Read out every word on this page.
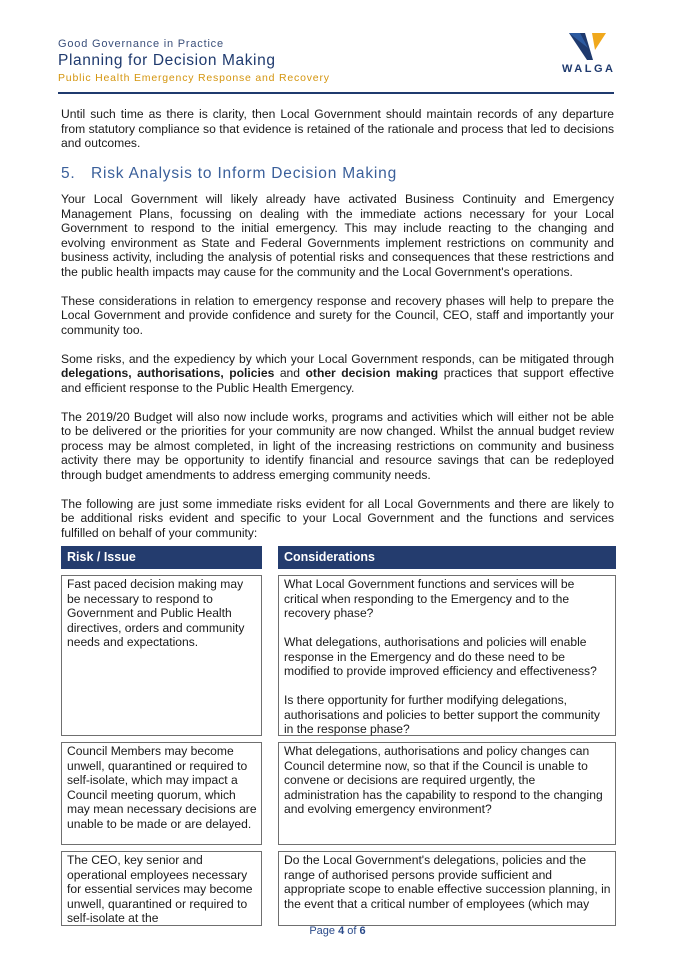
Good Governance in Practice
Planning for Decision Making
Public Health Emergency Response and Recovery
WALGA

Until such time as there is clarity, then Local Government should maintain records of any departure from statutory compliance so that evidence is retained of the rationale and process that led to decisions and outcomes.

5. Risk Analysis to Inform Decision Making

Your Local Government will likely already have activated Business Continuity and Emergency Management Plans, focussing on dealing with the immediate actions necessary for your Local Government to respond to the initial emergency. This may include reacting to the changing and evolving environment as State and Federal Governments implement restrictions on community and business activity, including the analysis of potential risks and consequences that these restrictions and the public health impacts may cause for the community and the Local Government's operations.

These considerations in relation to emergency response and recovery phases will help to prepare the Local Government and provide confidence and surety for the Council, CEO, staff and importantly your community too.

Some risks, and the expediency by which your Local Government responds, can be mitigated through delegations, authorisations, policies and other decision making practices that support effective and efficient response to the Public Health Emergency.

The 2019/20 Budget will also now include works, programs and activities which will either not be able to be delivered or the priorities for your community are now changed. Whilst the annual budget review process may be almost completed, in light of the increasing restrictions on community and business activity there may be opportunity to identify financial and resource savings that can be redeployed through budget amendments to address emerging community needs.

The following are just some immediate risks evident for all Local Governments and there are likely to be additional risks evident and specific to your Local Government and the functions and services fulfilled on behalf of your community:

Risk / Issue	Considerations

Fast paced decision making may be necessary to respond to Government and Public Health directives, orders and community needs and expectations.

What Local Government functions and services will be critical when responding to the Emergency and to the recovery phase?

What delegations, authorisations and policies will enable response in the Emergency and do these need to be modified to provide improved efficiency and effectiveness?

Is there opportunity for further modifying delegations, authorisations and policies to better support the community in the response phase?

Council Members may become unwell, quarantined or required to self-isolate, which may impact a Council meeting quorum, which may mean necessary decisions are unable to be made or are delayed.

What delegations, authorisations and policy changes can Council determine now, so that if the Council is unable to convene or decisions are required urgently, the administration has the capability to respond to the changing and evolving emergency environment?

The CEO, key senior and operational employees necessary for essential services may become unwell, quarantined or required to self-isolate at the

Do the Local Government's delegations, policies and the range of authorised persons provide sufficient and appropriate scope to enable effective succession planning, in the event that a critical number of employees (which may

Page 4 of 6
